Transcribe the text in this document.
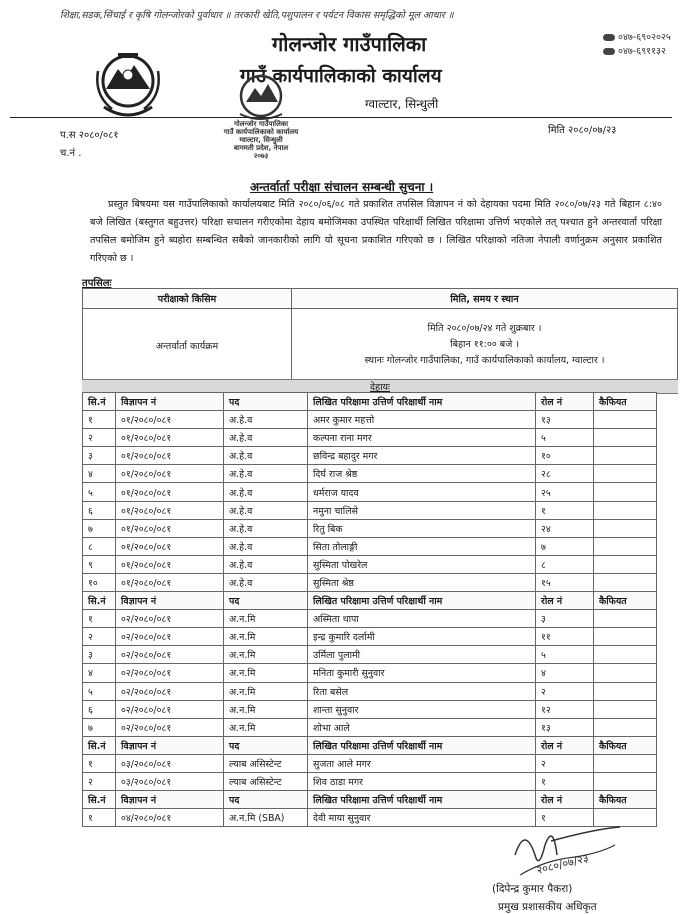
शिक्षा,सडक,सिंचाई र कृषि गोलन्जोरको पुर्वाधार ॥ तरकारी खेति,पशुपालन र पर्यटन विकास समृद्धिको मूल आधार ॥
०४७-६९०२०२५
०४७-६९११३२
गोलन्जोर गाउँपालिका
गाउँ कार्यपालिकाको कार्यालय
ग्वाल्टार, सिन्धुली
गोलन्जोर गाउँपालिका
गाउँ कार्यपालिकाको कार्यालय
ग्वाल्टार, सिन्धुली
बागमती प्रदेश, नेपाल
२०७३
प.स २०८०/०८१
च.नं .
मिति २०८०/०७/२३
अन्तर्वार्ता परीक्षा संचालन सम्बन्धी सुचना ।
प्रस्तुत बिषयमा यस गाउँपालिकाको कार्यालयबाट मिति २०८०/०६/०८ गते प्रकाशित तपसिल विज्ञापन नं को देहायका पदमा मिति २०८०/०७/२३ गते बिहान ८:४० बजे लिखित (बस्तुगत बहुउत्तर) परिक्षा सचालन गरीएकोमा देहाय बमोजिमका उपस्थित परिक्षार्थी लिखित परिक्षामा उत्तिर्ण भएकोले तत् पश्चात हुने अन्तरवार्ता परिक्षा तपसिल बमोजिम हुने ब्यहोरा सम्बन्धित सबैको जानकारीको लागि यो सूचना प्रकाशित गरिएको छ । लिखित परिक्षाको नतिजा नेपाली वर्णानुक्रम अनुसार प्रकाशित गरिएको छ ।
तपसिलः
परीक्षाको किसिम	मिति, समय र स्थान
अन्तर्वार्ता कार्यक्रम	मिति २०८०/०७/२४ गते शुक्रबार ।
बिहान ११:०० बजे ।
स्थानः गोलन्जोर गाउँपालिका, गाउँ कार्यपालिकाको कार्यालय, ग्वाल्टार ।
देहायः
सि.नं	विज्ञापन नं	पद	लिखित परिक्षामा उत्तिर्ण परिक्षार्थी नाम	रोल नं	कैफियत
१	०१/२०८०/०८१	अ.हे.व	अमर कुमार महत्तो	१३	
२	०१/२०८०/०८१	अ.हे.व	कल्पना राना मगर	५	
३	०१/२०८०/०८१	अ.हे.व	छविन्द्र बहादुर मगर	१०	
४	०१/२०८०/०८१	अ.हे.व	दिर्घ राज श्रेष्ठ	२८	
५	०१/२०८०/०८१	अ.हे.व	धर्मराज यादव	२५	
६	०१/२०८०/०८१	अ.हे.व	नमुना चालिसे	१	
७	०१/२०८०/०८१	अ.हे.व	रितु बिक	२४	
८	०१/२०८०/०८१	अ.हे.व	सिता तोलाङ्गी	७	
९	०१/२०८०/०८१	अ.हे.व	सुस्मिता पोखरेल	८	
१०	०१/२०८०/०८१	अ.हे.व	सुस्मिता श्रेष्ठ	१५	
सि.नं	विज्ञापन नं	पद	लिखित परिक्षामा उत्तिर्ण परिक्षार्थी नाम	रोल नं	कैफियत
१	०२/२०८०/०८१	अ.न.मि	अस्मिता थापा	३	
२	०२/२०८०/०८१	अ.न.मि	इन्द्र कुमारि दर्लामी	११	
३	०२/२०८०/०८१	अ.न.मि	उर्मिला पुलामी	५	
४	०२/२०८०/०८१	अ.न.मि	मनिता कुमारी सुनुवार	४	
५	०२/२०८०/०८१	अ.न.मि	रिता बसेल	२	
६	०२/२०८०/०८१	अ.न.मि	शान्ता सुनुवार	१२	
७	०२/२०८०/०८१	अ.न.मि	शोभा आले	१३	
सि.नं	विज्ञापन नं	पद	लिखित परिक्षामा उत्तिर्ण परिक्षार्थी नाम	रोल नं	कैफियत
१	०३/२०८०/०८१	ल्याब असिस्टेन्ट	सुजता आले मगर	२	
२	०३/२०८०/०८१	ल्याब असिस्टेन्ट	शिव ठाडा मगर	१	
सि.नं	विज्ञापन नं	पद	लिखित परिक्षामा उत्तिर्ण परिक्षार्थी नाम	रोल नं	कैफियत
१	०४/२०८०/०८१	अ.न.मि (SBA)	देवी माया सुनुवार	१	
२०८०/०७/२३
(दिपेन्द्र कुमार पैकरा)
प्रमुख प्रशासकीय अधिकृत
